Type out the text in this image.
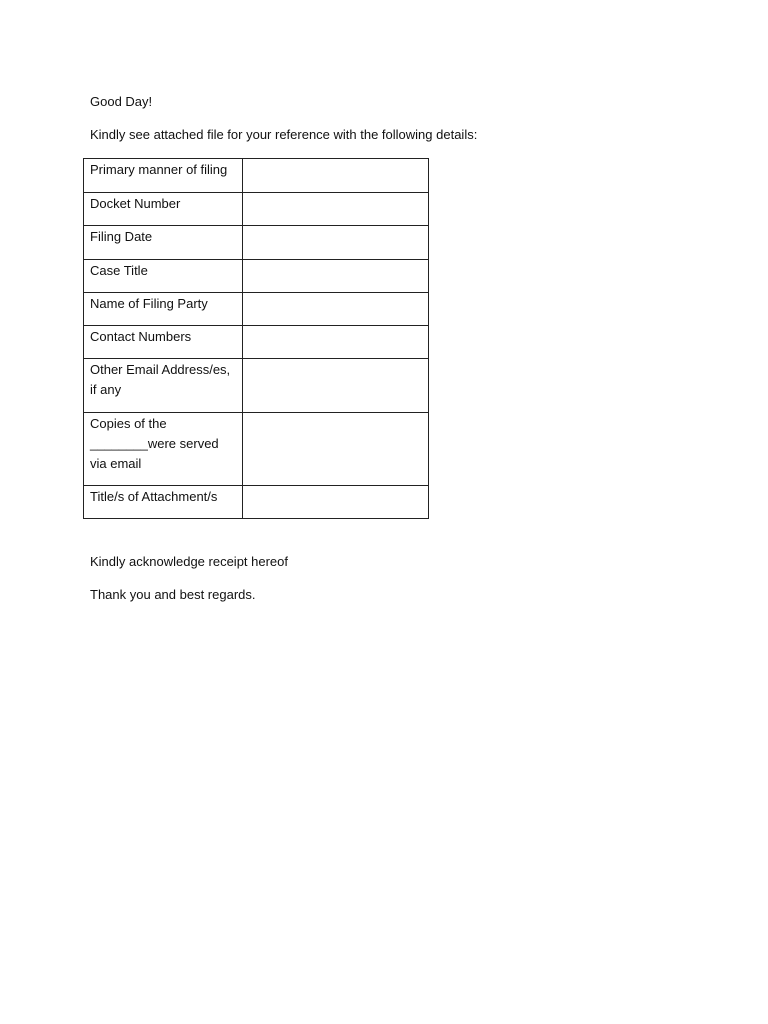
Good Day!

Kindly see attached file for your reference with the following details:

Primary manner of filing	

Docket Number	

Filing Date	

Case Title	

Name of Filing Party	

Contact Numbers	

Other Email Address/es, if any	

Copies of the ________were served via email	

Title/s of Attachment/s	

Kindly acknowledge receipt hereof

Thank you and best regards.
